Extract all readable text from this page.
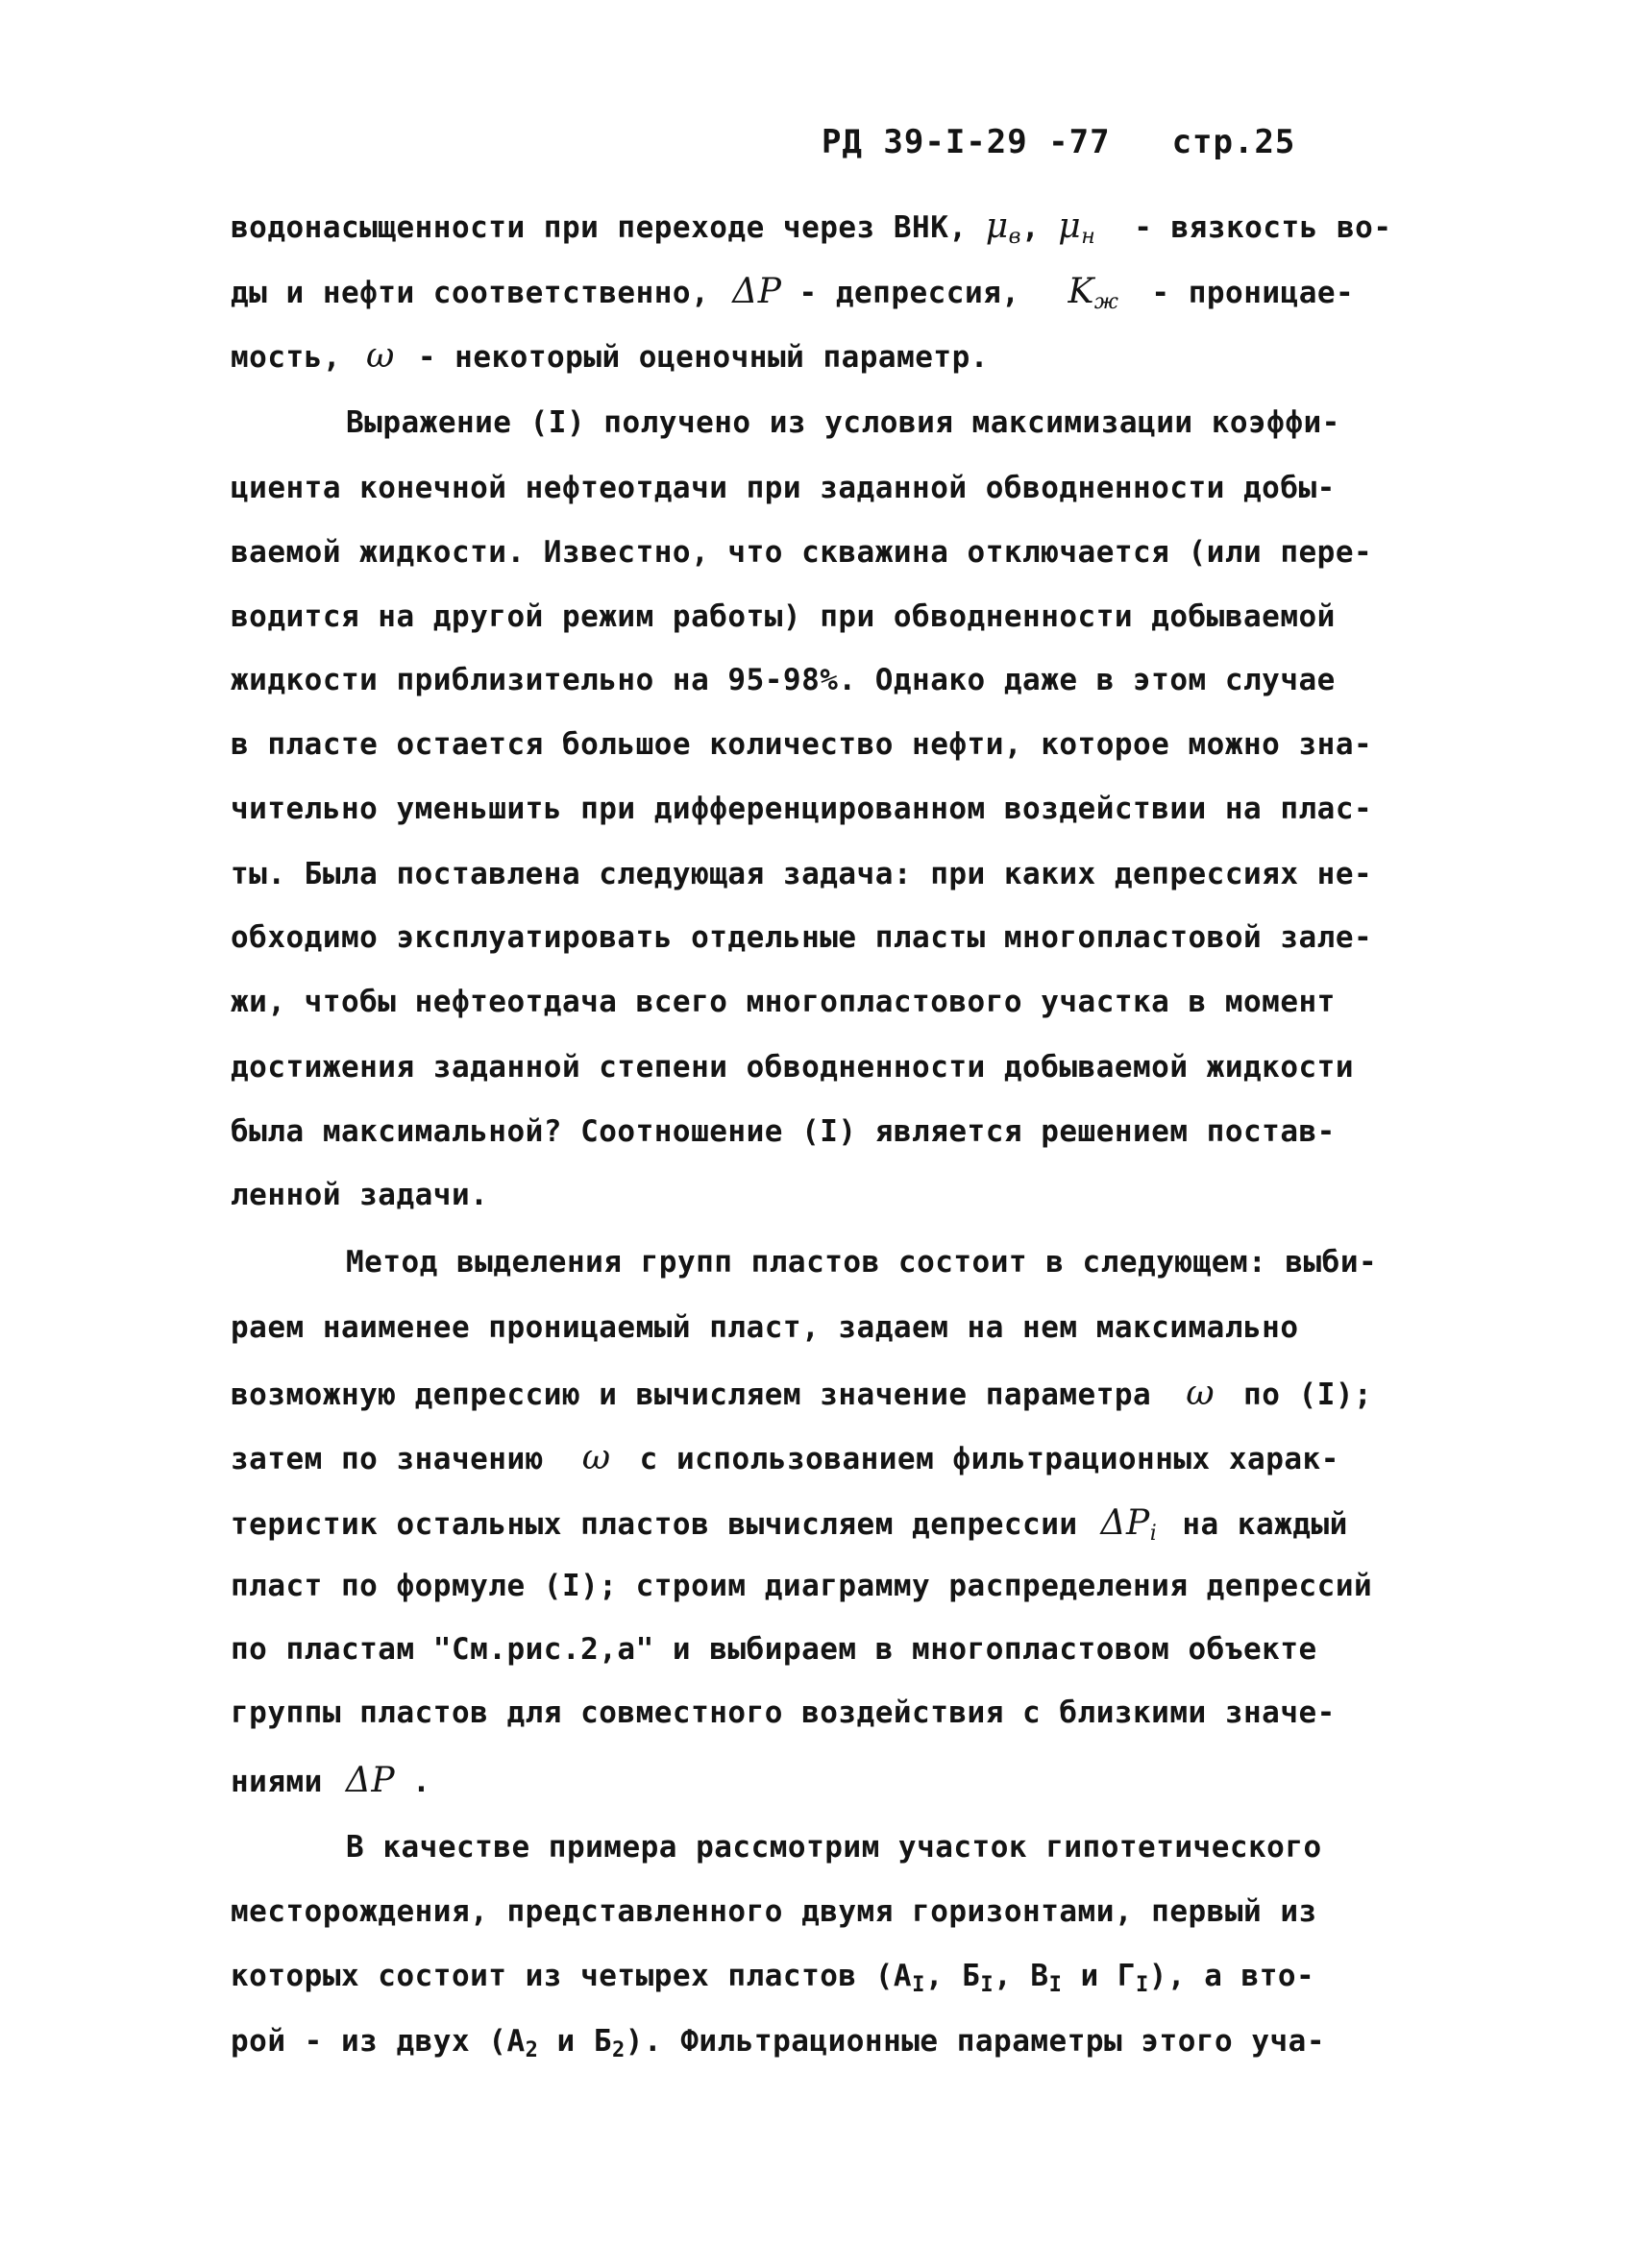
РД 39-I-29 -77 стр.25
водонасыщенности при переходе через ВНК, $\mu_в$, $\mu_н$ - вязкость во-
ды и нефти соответственно, ΔP - депрессия, $K_ж$ - проницае-
мость, ω - некоторый оценочный параметр.
Выражение (I) получено из условия максимизации коэффи-
циента конечной нефтеотдачи при заданной обводненности добы-
ваемой жидкости. Известно, что скважина отключается (или пере-
водится на другой режим работы) при обводненности добываемой
жидкости приблизительно на 95-98%. Однако даже в этом случае
в пласте остается большое количество нефти, которое можно зна-
чительно уменьшить при дифференцированном воздействии на плас-
ты. Была поставлена следующая задача: при каких депрессиях не-
обходимо эксплуатировать отдельные пласты многопластовой зале-
жи, чтобы нефтеотдача всего многопластового участка в момент
достижения заданной степени обводненности добываемой жидкости
была максимальной? Соотношение (I) является решением постав-
ленной задачи.
Метод выделения групп пластов состоит в следующем: выби-
раем наименее проницаемый пласт, задаем на нем максимально
возможную депрессию и вычисляем значение параметра ω по (I);
затем по значению ω с использованием фильтрационных харак-
теристик остальных пластов вычисляем депрессии $\Delta P_i$ на каждый
пласт по формуле (I); строим диаграмму распределения депрессий
по пластам "См.рис.2,а" и выбираем в многопластовом объекте
группы пластов для совместного воздействия с близкими значе-
ниями ΔP .
В качестве примера рассмотрим участок гипотетического
месторождения, представленного двумя горизонтами, первый из
которых состоит из четырех пластов ($А_I$, $Б_I$, $В_I$ и $Г_I$), а вто-
рой - из двух ($А_2$ и $Б_2$). Фильтрационные параметры этого уча-
